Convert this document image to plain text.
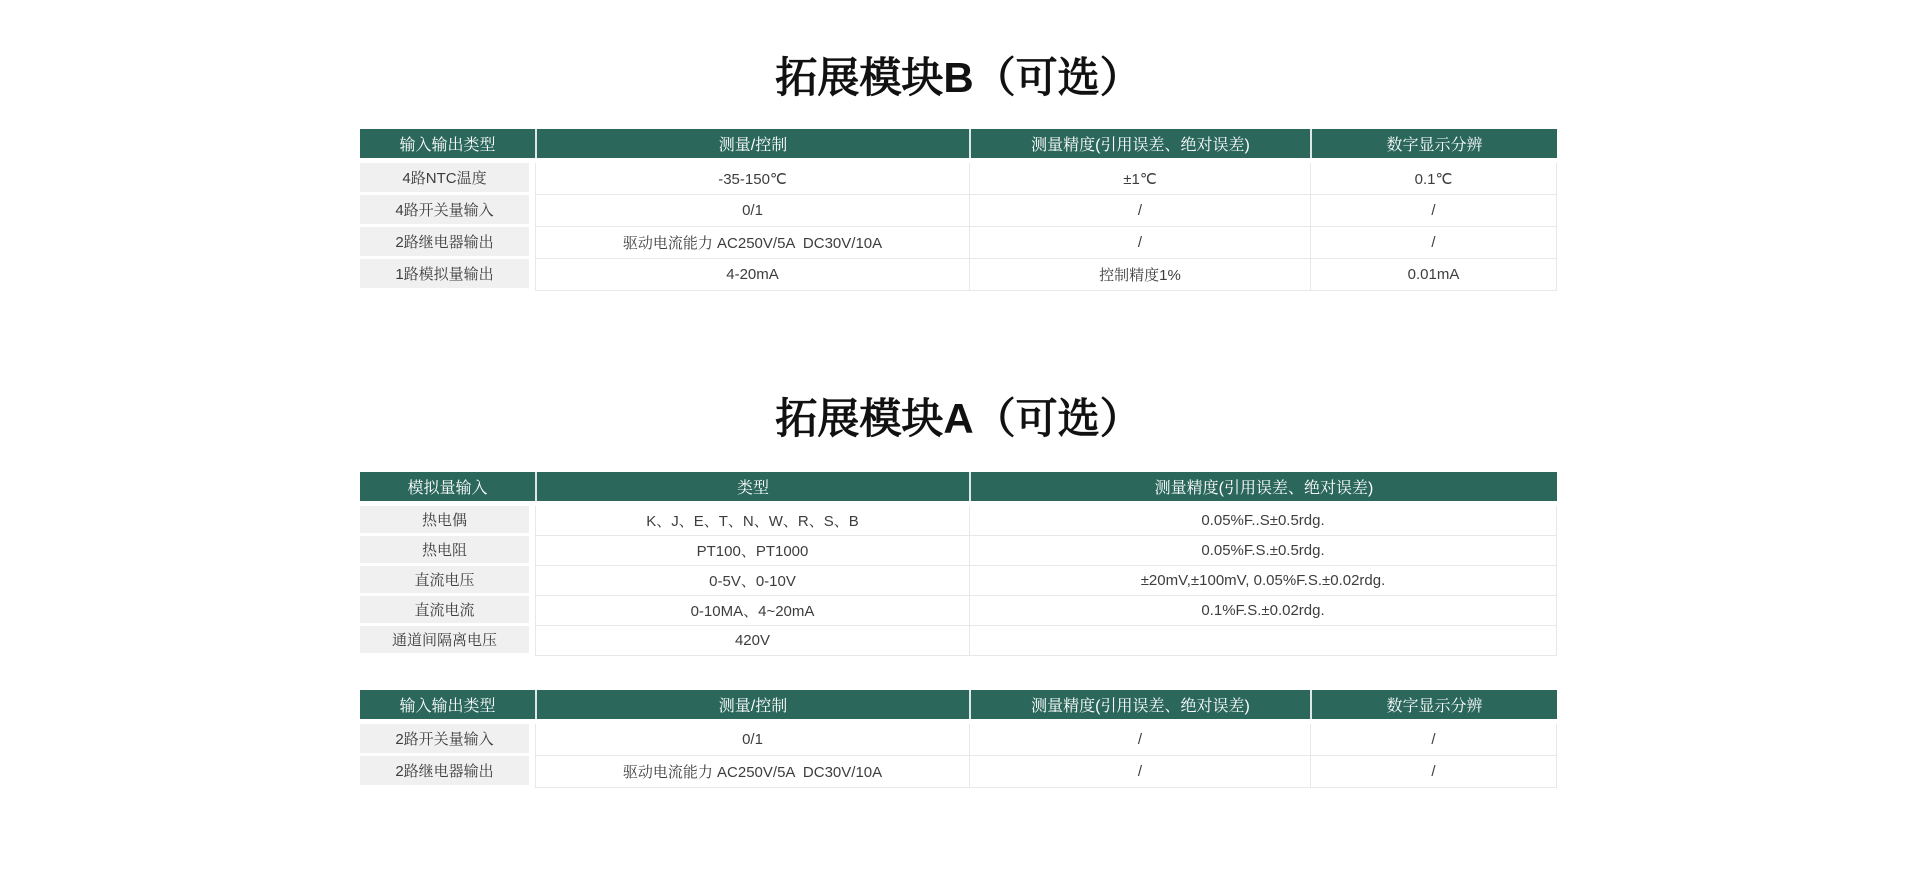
拓展模块B（可选）
输入输出类型	测量/控制	测量精度(引用误差、绝对误差)	数字显示分辨
4路NTC温度	-35-150℃	±1℃	0.1℃
4路开关量输入	0/1	/	/
2路继电器输出	驱动电流能力 AC250V/5A  DC30V/10A	/	/
1路模拟量输出	4-20mA	控制精度1%	0.01mA
拓展模块A（可选）
模拟量输入	类型	测量精度(引用误差、绝对误差)
热电偶	K、J、E、T、N、W、R、S、B	0.05%F..S±0.5rdg.
热电阻	PT100、PT1000	0.05%F.S.±0.5rdg.
直流电压	0-5V、0-10V	±20mV,±100mV, 0.05%F.S.±0.02rdg.
直流电流	0-10MA、4~20mA	0.1%F.S.±0.02rdg.
通道间隔离电压	420V
输入输出类型	测量/控制	测量精度(引用误差、绝对误差)	数字显示分辨
2路开关量输入	0/1	/	/
2路继电器输出	驱动电流能力 AC250V/5A  DC30V/10A	/	/
